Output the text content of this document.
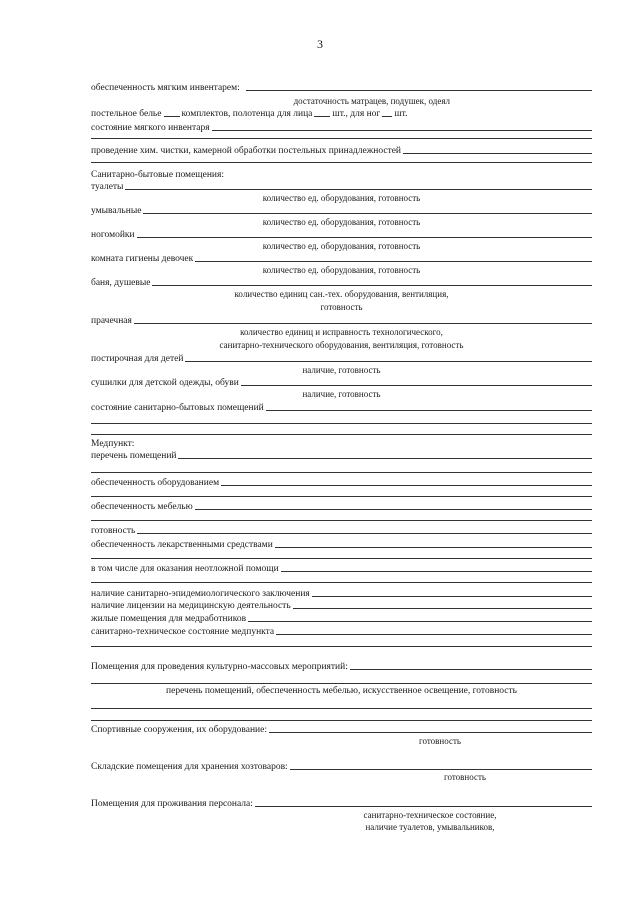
3
обеспеченность мягким инвентарем:
достаточность матрацев, подушек, одеял
постельное белье комплектов, полотенца для лица шт., для ног шт.
состояние мягкого инвентаря
проведение хим. чистки, камерной обработки постельных принадлежностей
Санитарно-бытовые помещения:
туалеты
количество ед. оборудования, готовность
умывальные
количество ед. оборудования, готовность
ногомойки
количество ед. оборудования, готовность
комната гигиены девочек
количество ед. оборудования, готовность
баня, душевые
количество единиц сан.-тех. оборудования, вентиляция,
готовность
прачечная
количество единиц и исправность технологического,
санитарно-технического оборудования, вентиляция, готовность
постирочная для детей
наличие, готовность
сушилки для детской одежды, обуви
наличие, готовность
состояние санитарно-бытовых помещений
Медпункт:
перечень помещений
обеспеченность оборудованием
обеспеченность мебелью
готовность
обеспеченность лекарственными средствами
в том числе для оказания неотложной помощи
наличие санитарно-эпидемиологического заключения
наличие лицензии на медицинскую деятельность
жилые помещения для медработников
санитарно-техническое состояние медпункта
Помещения для проведения культурно-массовых мероприятий:
перечень помещений, обеспеченность мебелью, искусственное освещение, готовность
Спортивные сооружения, их оборудование:
готовность
Складские помещения для хранения хозтоваров:
готовность
Помещения для проживания персонала:
санитарно-техническое состояние,
наличие туалетов, умывальников,
